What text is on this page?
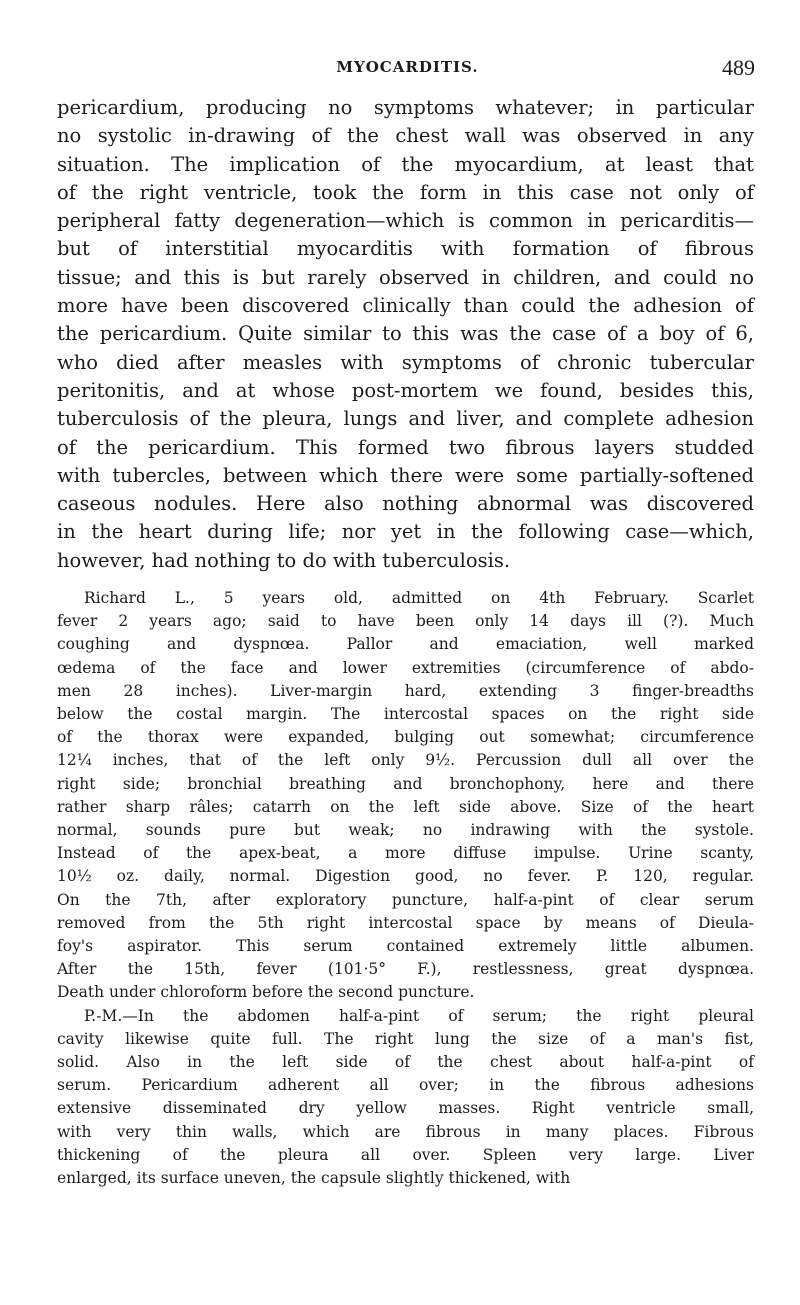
MYOCARDITIS.	489

pericardium, producing no symptoms whatever; in particular
no systolic in-drawing of the chest wall was observed in any
situation. The implication of the myocardium, at least that
of the right ventricle, took the form in this case not only of
peripheral fatty degeneration—which is common in pericarditis—
but of interstitial myocarditis with formation of fibrous
tissue; and this is but rarely observed in children, and could no
more have been discovered clinically than could the adhesion of
the pericardium. Quite similar to this was the case of a boy of 6,
who died after measles with symptoms of chronic tubercular
peritonitis, and at whose post-mortem we found, besides this,
tuberculosis of the pleura, lungs and liver, and complete adhesion
of the pericardium. This formed two fibrous layers studded
with tubercles, between which there were some partially-softened
caseous nodules. Here also nothing abnormal was discovered
in the heart during life; nor yet in the following case—which,
however, had nothing to do with tuberculosis.

Richard L., 5 years old, admitted on 4th February. Scarlet
fever 2 years ago; said to have been only 14 days ill (?). Much
coughing and dyspnœa. Pallor and emaciation, well marked
œdema of the face and lower extremities (circumference of abdo-
men 28 inches). Liver-margin hard, extending 3 finger-breadths
below the costal margin. The intercostal spaces on the right side
of the thorax were expanded, bulging out somewhat; circumference
12¼ inches, that of the left only 9½. Percussion dull all over the
right side; bronchial breathing and bronchophony, here and there
rather sharp râles; catarrh on the left side above. Size of the heart
normal, sounds pure but weak; no indrawing with the systole.
Instead of the apex-beat, a more diffuse impulse. Urine scanty,
10½ oz. daily, normal. Digestion good, no fever. P. 120, regular.
On the 7th, after exploratory puncture, half-a-pint of clear serum
removed from the 5th right intercostal space by means of Dieula-
foy's aspirator. This serum contained extremely little albumen.
After the 15th, fever (101·5° F.), restlessness, great dyspnœa.
Death under chloroform before the second puncture.
P.-M.—In the abdomen half-a-pint of serum; the right pleural
cavity likewise quite full. The right lung the size of a man's fist,
solid. Also in the left side of the chest about half-a-pint of
serum. Pericardium adherent all over; in the fibrous adhesions
extensive disseminated dry yellow masses. Right ventricle small,
with very thin walls, which are fibrous in many places. Fibrous
thickening of the pleura all over. Spleen very large. Liver
enlarged, its surface uneven, the capsule slightly thickened, with
